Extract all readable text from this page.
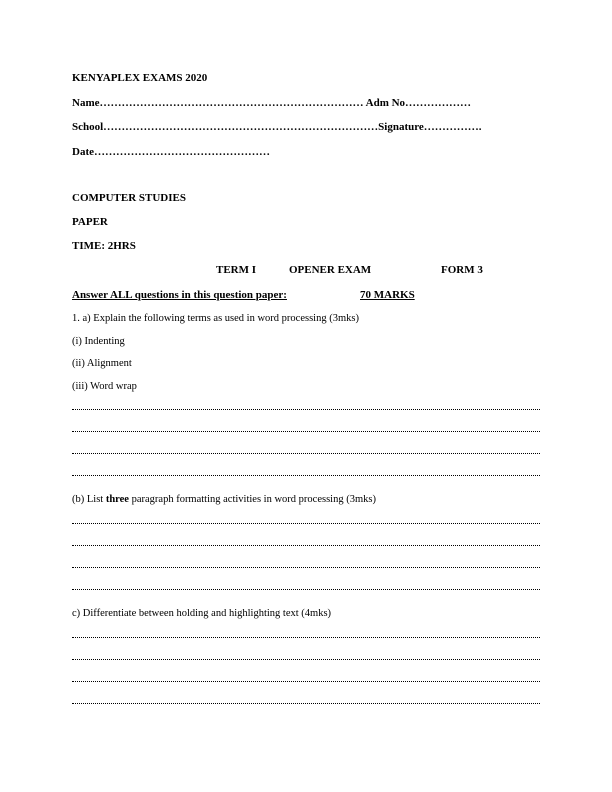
KENYAPLEX EXAMS 2020
Name……………………………………………………………… Adm No………………
School…………………………………………………………………Signature…………….
Date…………………………………………
COMPUTER STUDIES
PAPER
TIME: 2HRS
TERM I	OPENER EXAM	FORM 3
Answer ALL questions in this question paper:	70 MARKS
1. a) Explain the following terms as used in word processing (3mks)
(i) Indenting
(ii) Alignment
(iii) Word wrap
(b) List three paragraph formatting activities in word processing (3mks)
c) Differentiate between holding and highlighting text (4mks)
